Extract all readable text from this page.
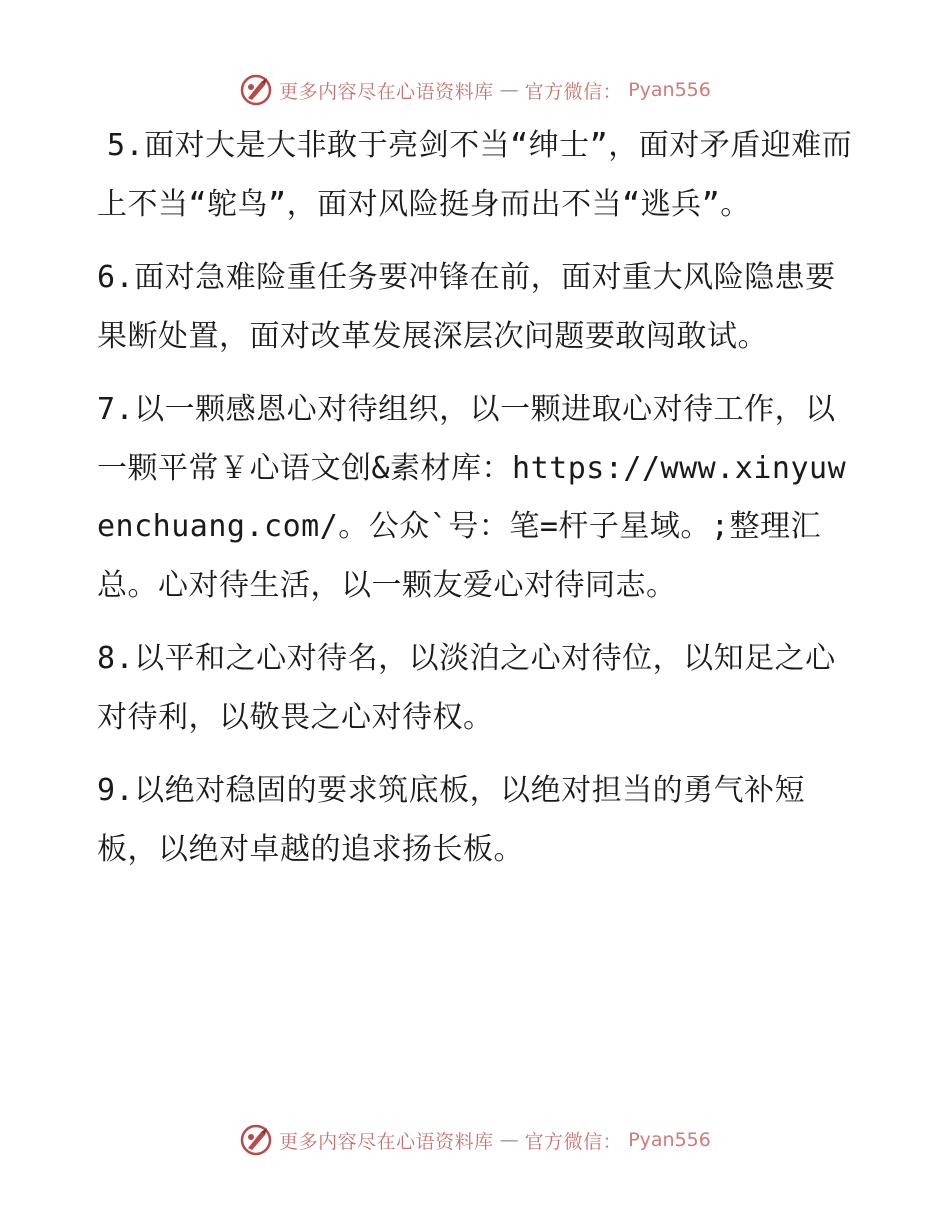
更多内容尽在心语资料库 — 官方微信： Pyan556

5.面对大是大非敢于亮剑不当“绅士”，面对矛盾迎难而上不当“鸵鸟”，面对风险挺身而出不当“逃兵”。

6.面对急难险重任务要冲锋在前，面对重大风险隐患要果断处置，面对改革发展深层次问题要敢闯敢试。

7.以一颗感恩心对待组织，以一颗进取心对待工作，以一颗平常￥心语文创&素材库：https://www.xinyuwenchuang.com/。公众`号：笔=杆子星域。;整理汇总。心对待生活，以一颗友爱心对待同志。

8.以平和之心对待名，以淡泊之心对待位，以知足之心对待利，以敬畏之心对待权。

9.以绝对稳固的要求筑底板，以绝对担当的勇气补短板，以绝对卓越的追求扬长板。

更多内容尽在心语资料库 — 官方微信： Pyan556
